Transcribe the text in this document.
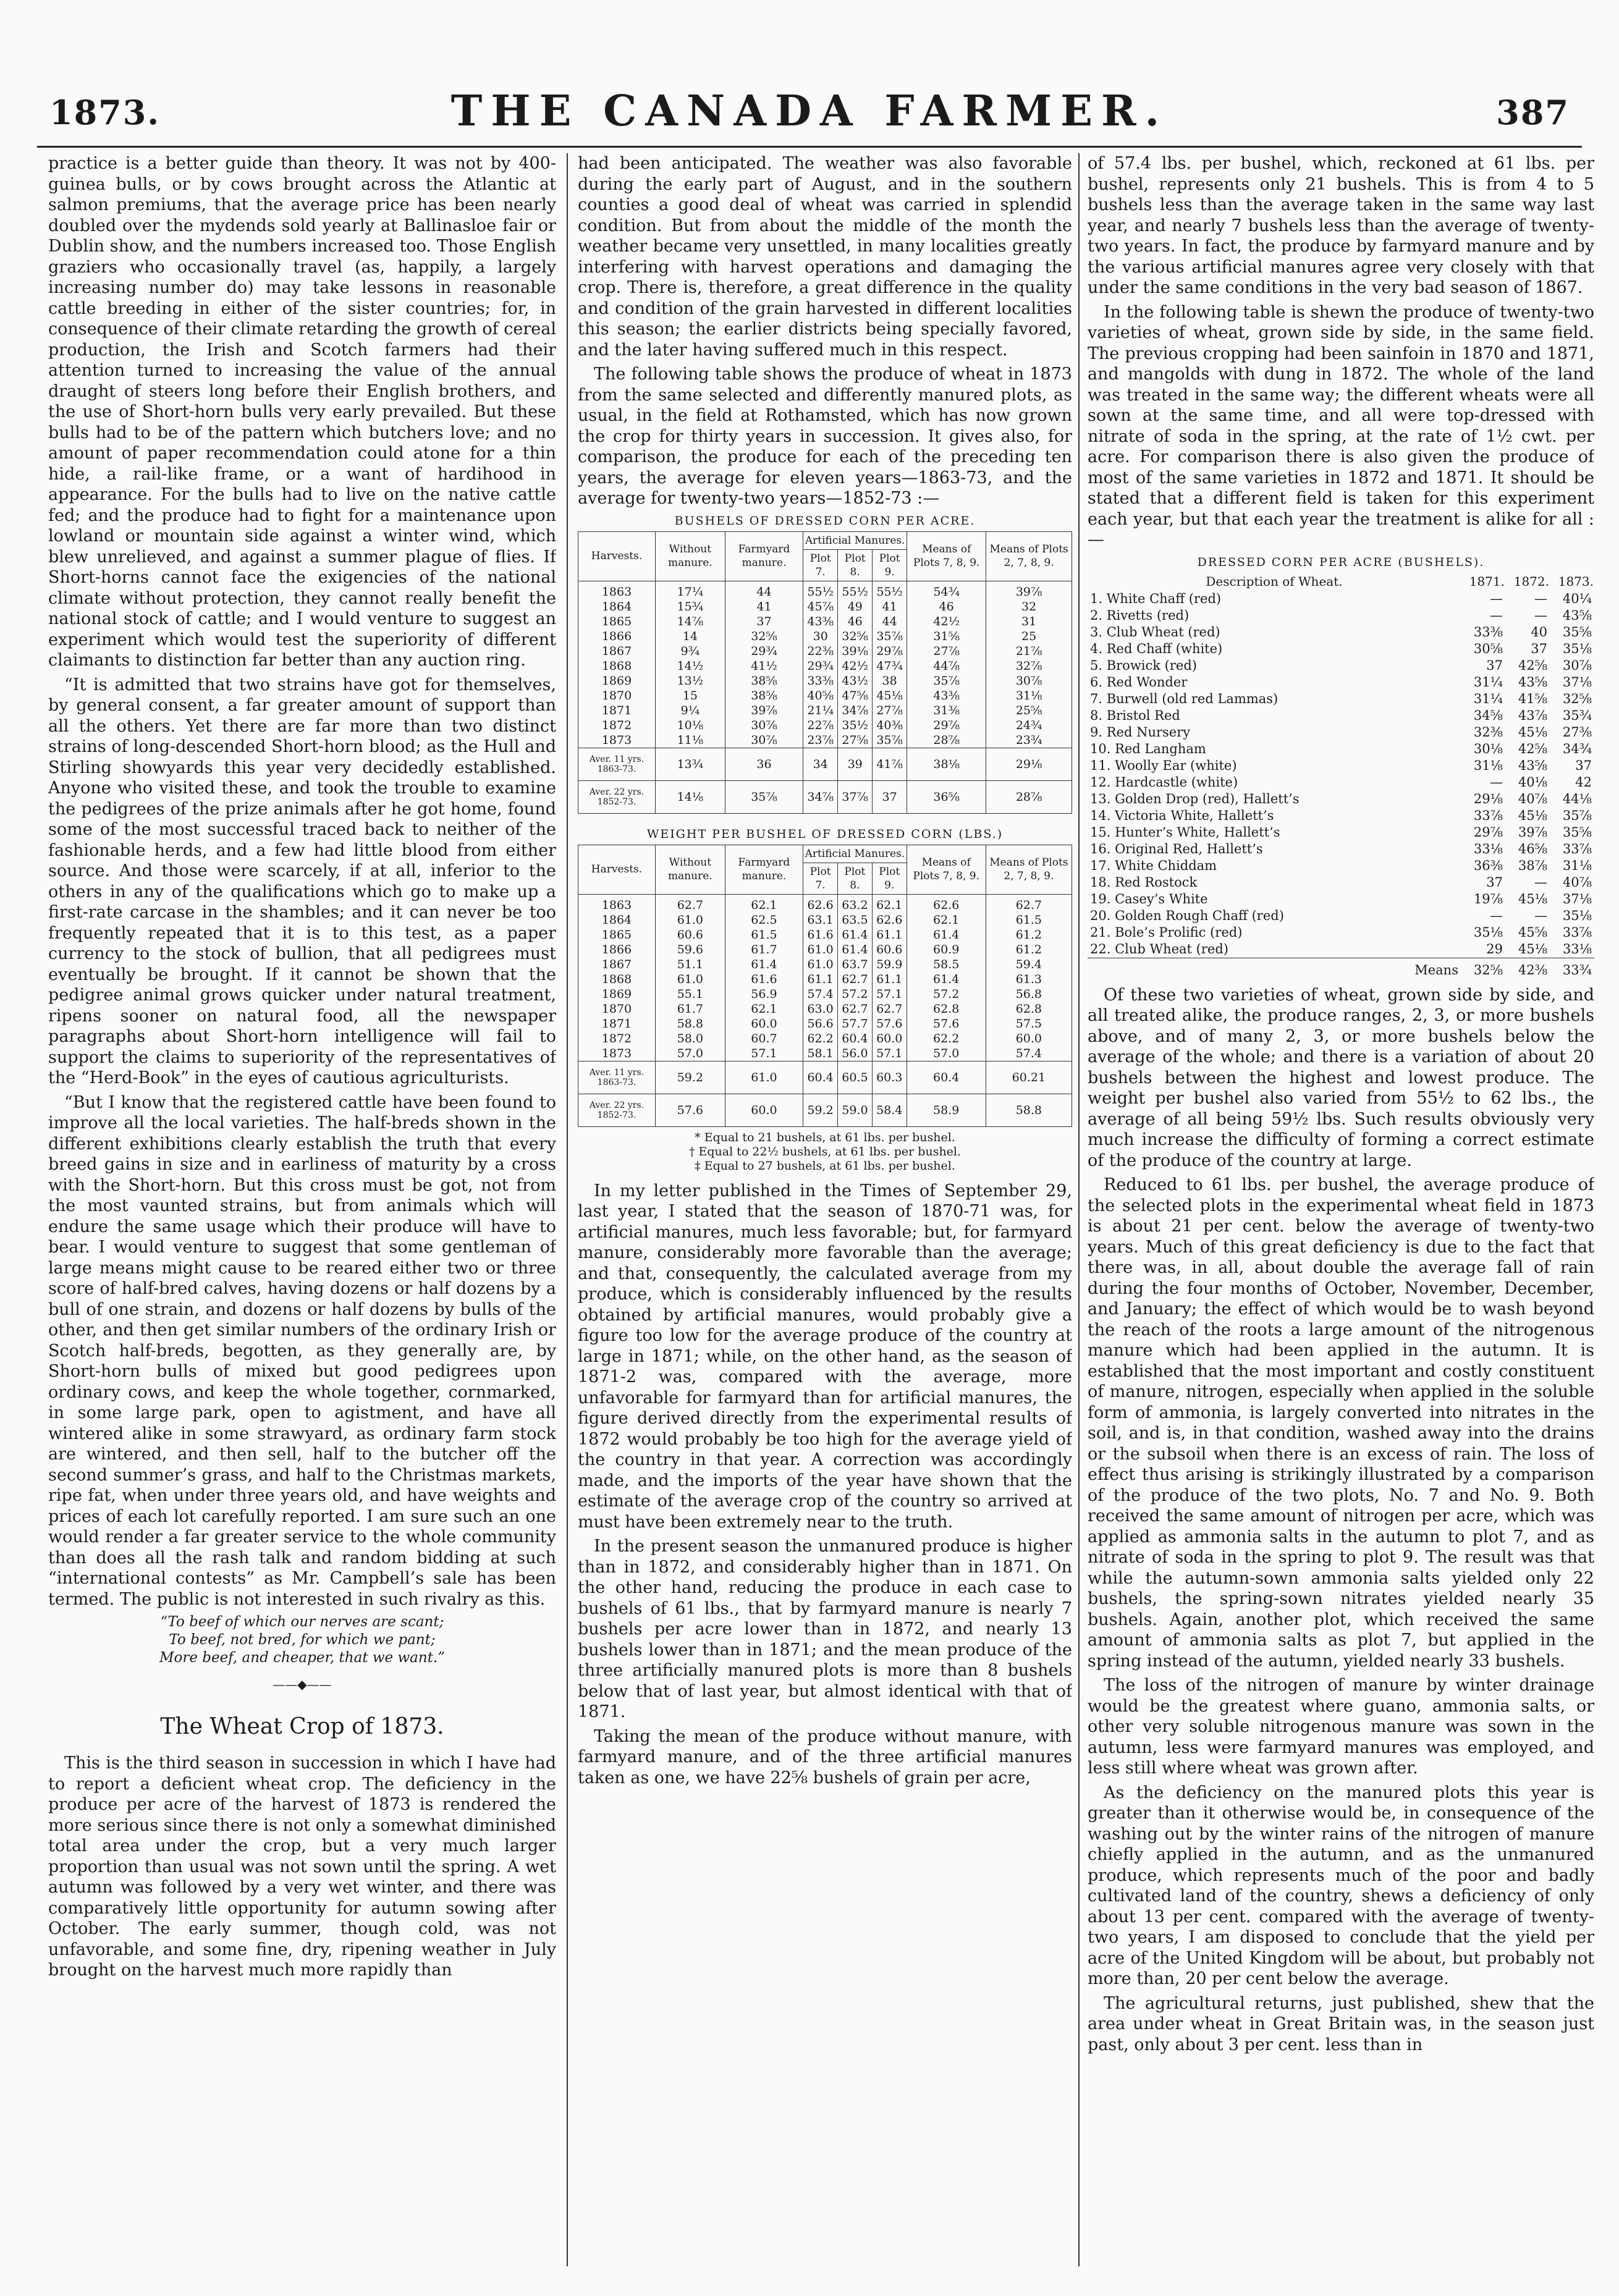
1873.	THE CANADA FARMER.	387

practice is a better guide than theory. It was not by 400-guinea bulls, or by cows brought across the Atlantic at salmon premiums, that the average price has been nearly doubled over the mydends sold yearly at Ballinasloe fair or Dublin show, and the numbers increased too. Those English graziers who occasionally travel (as, happily, a largely increasing number do) may take lessons in reasonable cattle breeding in either of the sister countries; for, in consequence of their climate retarding the growth of cereal production, the Irish and Scotch farmers had their attention turned to increasing the value of the annual draught of steers long before their English brothers, and the use of Short-horn bulls very early prevailed. But these bulls had to be of the pattern which butchers love; and no amount of paper recommendation could atone for a thin hide, a rail-like frame, or a want of hardihood in appearance. For the bulls had to live on the native cattle fed; and the produce had to fight for a maintenance upon lowland or mountain side against a winter wind, which blew unrelieved, and against a summer plague of flies. If Short-horns cannot face the exigencies of the national climate without protection, they cannot really benefit the national stock of cattle; and I would venture to suggest an experiment which would test the superiority of different claimants to distinction far better than any auction ring.

“It is admitted that two strains have got for themselves, by general consent, a far greater amount of support than all the others. Yet there are far more than two distinct strains of long-descended Short-horn blood; as the Hull and Stirling showyards this year very decidedly established. Anyone who visited these, and took the trouble to examine the pedigrees of the prize animals after he got home, found some of the most successful traced back to neither of the fashionable herds, and a few had little blood from either source. And those were scarcely, if at all, inferior to the others in any of the qualifications which go to make up a first-rate carcase in the shambles; and it can never be too frequently repeated that it is to this test, as a paper currency to the stock of bullion, that all pedigrees must eventually be brought. If it cannot be shown that the pedigree animal grows quicker under natural treatment, ripens sooner on natural food, all the newspaper paragraphs about Short-horn intelligence will fail to support the claims to superiority of the representatives of the “Herd-Book” in the eyes of cautious agriculturists.

“But I know that the registered cattle have been found to improve all the local varieties. The half-breds shown in the different exhibitions clearly establish the truth that every breed gains in size and in earliness of maturity by a cross with the Short-horn. But this cross must be got, not from the most vaunted strains, but from animals which will endure the same usage which their produce will have to bear. I would venture to suggest that some gentleman of large means might cause to be reared either two or three score of half-bred calves, having dozens or half dozens by a bull of one strain, and dozens or half dozens by bulls of the other, and then get similar numbers of the ordinary Irish or Scotch half-breds, begotten, as they generally are, by Short-horn bulls of mixed but good pedigrees upon ordinary cows, and keep the whole together, cornmarked, in some large park, open to agistment, and have all wintered alike in some strawyard, as ordinary farm stock are wintered, and then sell, half to the butcher off the second summer’s grass, and half to the Christmas markets, ripe fat, when under three years old, and have weights and prices of each lot carefully reported. I am sure such an one would render a far greater service to the whole community than does all the rash talk and random bidding at such “international contests” as Mr. Campbell’s sale has been termed. The public is not interested in such rivalry as this.

“To beef of which our nerves are scant;
To beef, not bred, for which we pant;
More beef, and cheaper, that we want.”
——◆——
The Wheat Crop of 1873.

This is the third season in succession in which I have had to report a deficient wheat crop. The deficiency in the produce per acre of the harvest of 1873 is rendered the more serious since there is not only a somewhat diminished total area under the crop, but a very much larger proportion than usual was not sown until the spring. A wet autumn was followed by a very wet winter, and there was comparatively little opportunity for autumn sowing after October. The early summer, though cold, was not unfavorable, and some fine, dry, ripening weather in July brought on the harvest much more rapidly than

had been anticipated. The weather was also favorable during the early part of August, and in the southern counties a good deal of wheat was carried in splendid condition. But from about the middle of the month the weather became very unsettled, in many localities greatly interfering with harvest operations and damaging the crop. There is, therefore, a great difference in the quality and condition of the grain harvested in different localities this season; the earlier districts being specially favored, and the later having suffered much in this respect.

The following table shows the produce of wheat in 1873 from the same selected and differently manured plots, as usual, in the field at Rothamsted, which has now grown the crop for thirty years in succession. It gives also, for comparison, the produce for each of the preceding ten years, the average for eleven years—1863-73, and the average for twenty-two years—1852-73 :—

BUSHELS OF DRESSED CORN PER ACRE.
Harvests.	Without manure.	Farmyard manure.	Artificial Manures.			Means of Plots 7, 8, 9.	Means of Plots 2, 7, 8, 9.
			Plot 7.	Plot 8.	Plot 9.		
1863	17¼	44	55½	55½	55½	54¾	39⅞
1864	15¾	41	45⅞	49	41	46	32
1865	14⅞	37	43⅜	46	44	42½	31
1866	14	32⅝	30	32⅝	35⅞	31⅝	25
1867	9¾	29¾	22⅜	39⅛	29⅞	27⅞	21⅞
1868	14½	41½	29¾	42½	47¾	44⅞	32⅞
1869	13½	38⅝	33⅜	43½	38	35⅞	30⅞
1870	15	38⅝	40⅝	47⅝	45⅛	43⅜	31⅛
1871	9¼	39⅞	21¼	34⅞	27⅞	31⅜	25⅝
1872	10⅛	30⅞	22⅞	35½	40⅜	29⅞	24¾
1873	11⅛	30⅞	23⅞	27⅝	35⅞	28⅞	23¾
Aver. 11 yrs. 1863-73.	13¾	36	34	39	41⅞	38⅛	29⅛
Aver. 22 yrs. 1852-73.	14⅛	35⅞	34⅞	37⅞	37	36⅝	28⅞
WEIGHT PER BUSHEL OF DRESSED CORN (LBS.)
Harvests.	Without manure.	Farmyard manure.	Artificial Manures.			Means of Plots 7, 8, 9.	Means of Plots 2, 7, 8, 9.
			Plot 7.	Plot 8.	Plot 9.		
1863	62.7	62.1	62.6	63.2	62.1	62.6	62.7
1864	61.0	62.5	63.1	63.5	62.6	62.1	61.5
1865	60.6	61.5	61.6	61.4	61.1	61.4	61.2
1866	59.6	61.7	61.0	61.4	60.6	60.9	61.2
1867	51.1	61.4	61.0	63.7	59.9	58.5	59.4
1868	61.0	61.6	61.1	62.7	61.1	61.4	61.3
1869	55.1	56.9	57.4	57.2	57.1	57.2	56.8
1870	61.7	62.1	63.0	62.7	62.7	62.8	62.8
1871	58.8	60.0	56.6	57.7	57.6	57.6	57.5
1872	58.0	60.7	62.2	60.4	60.0	62.2	60.0
1873	57.0	57.1	58.1	56.0	57.1	57.0	57.4
Aver. 11 yrs. 1863-73.	59.2	61.0	60.4	60.5	60.3	60.4	60.21
Aver. 22 yrs. 1852-73.	57.6	60.0	59.2	59.0	58.4	58.9	58.8
* Equal to 21 bushels, at 61 lbs. per bushel.
† Equal to 22½ bushels, at 61 lbs. per bushel.
‡ Equal to 27 bushels, at 61 lbs. per bushel.

In my letter published in the Times of September 29, last year, I stated that the season of 1870-71 was, for artificial manures, much less favorable; but, for farmyard manure, considerably more favorable than the average; and that, consequently, the calculated average from my produce, which is considerably influenced by the results obtained by artificial manures, would probably give a figure too low for the average produce of the country at large in 1871; while, on the other hand, as the season of 1871-2 was, compared with the average, more unfavorable for farmyard than for artificial manures, the figure derived directly from the experimental results of 1872 would probably be too high for the average yield of the country in that year. A correction was accordingly made, and the imports of the year have shown that the estimate of the average crop of the country so arrived at must have been extremely near to the truth.

In the present season the unmanured produce is higher than in 1872, and considerably higher than in 1871. On the other hand, reducing the produce in each case to bushels of 61 lbs., that by farmyard manure is nearly 7 bushels per acre lower than in 1872, and nearly 13 bushels lower than in 1871; and the mean produce of the three artificially manured plots is more than 8 bushels below that of last year, but almost identical with that of 1871.

Taking the mean of the produce without manure, with farmyard manure, and of the three artificial manures taken as one, we have 22⅝ bushels of grain per acre,

of 57.4 lbs. per bushel, which, reckoned at 61 lbs. per bushel, represents only 21 bushels. This is from 4 to 5 bushels less than the average taken in the same way last year, and nearly 7 bushels less than the average of twenty-two years. In fact, the produce by farmyard manure and by the various artificial manures agree very closely with that under the same conditions in the very bad season of 1867.

In the following table is shewn the produce of twenty-two varieties of wheat, grown side by side, in the same field. The previous cropping had been sainfoin in 1870 and 1871, and mangolds with dung in 1872. The whole of the land was treated in the same way; the different wheats were all sown at the same time, and all were top-dressed with nitrate of soda in the spring, at the rate of 1½ cwt. per acre. For comparison there is also given the produce of most of the same varieties in 1872 and 1871. It should be stated that a different field is taken for this experiment each year, but that each year the treatment is alike for all :—

DRESSED CORN PER ACRE (BUSHELS).
Description of Wheat.	1871.	1872.	1873.
1. White Chaff (red)	—	—	40¼
2. Rivetts (red)	—	—	43⅝
3. Club Wheat (red)	33⅜	40	35⅝
4. Red Chaff (white)	30⅝	37	35⅛
5. Browick (red)	37	42⅝	30⅞
6. Red Wonder	31¼	43⅝	37⅛
7. Burwell (old red Lammas)	31¼	41⅝	32⅝
8. Bristol Red	34⅝	43⅞	35¾
9. Red Nursery	32⅜	45⅛	27⅜
10. Red Langham	30⅛	42⅝	34¾
11. Woolly Ear (white)	31⅛	43⅝	37
12. Hardcastle (white)	—	40⅛	42
13. Golden Drop (red), Hallett’s	29⅛	40⅞	44⅛
14. Victoria White, Hallett’s	33⅞	45⅛	35⅞
15. Hunter’s White, Hallett’s	29⅞	39⅞	35⅝
16. Original Red, Hallett’s	33⅛	46⅝	33⅞
17. White Chiddam	36⅜	38⅞	31⅛
18. Red Rostock	37	—	40⅞
19. Casey’s White	19⅞	45⅛	37⅛
20. Golden Rough Chaff (red)	—	—	35⅛
21. Bole’s Prolific (red)	35⅛	45⅝	33⅞
22. Club Wheat (red)	29	45⅛	33⅛
Means	32⅝	42⅜	33¾

Of these two varieties of wheat, grown side by side, and all treated alike, the produce ranges, 2, 3, or more bushels above, and of many 2, 3, or more bushels below the average of the whole; and there is a variation of about 20 bushels between the highest and lowest produce. The weight per bushel also varied from 55½ to 62 lbs., the average of all being 59½ lbs. Such results obviously very much increase the difficulty of forming a correct estimate of the produce of the country at large.

Reduced to 61 lbs. per bushel, the average produce of the selected plots in the experimental wheat field in 1873 is about 21 per cent. below the average of twenty-two years. Much of this great deficiency is due to the fact that there was, in all, about double the average fall of rain during the four months of October, November, December, and January; the effect of which would be to wash beyond the reach of the roots a large amount of the nitrogenous manure which had been applied in the autumn. It is established that the most important and costly constituent of manure, nitrogen, especially when applied in the soluble form of ammonia, is largely converted into nitrates in the soil, and is, in that condition, washed away into the drains or the subsoil when there is an excess of rain. The loss of effect thus arising is strikingly illustrated by a comparison of the produce of the two plots, No. 7 and No. 9. Both received the same amount of nitrogen per acre, which was applied as ammonia salts in the autumn to plot 7, and as nitrate of soda in the spring to plot 9. The result was that while the autumn-sown ammonia salts yielded only 22 bushels, the spring-sown nitrates yielded nearly 35 bushels. Again, another plot, which received the same amount of ammonia salts as plot 7, but applied in the spring instead of the autumn, yielded nearly 33 bushels.

The loss of the nitrogen of manure by winter drainage would be the greatest where guano, ammonia salts, or other very soluble nitrogenous manure was sown in the autumn, less were farmyard manures was employed, and less still where wheat was grown after.

As the deficiency on the manured plots this year is greater than it otherwise would be, in consequence of the washing out by the winter rains of the nitrogen of manure chiefly applied in the autumn, and as the unmanured produce, which represents much of the poor and badly cultivated land of the country, shews a deficiency of only about 13 per cent. compared with the average of twenty-two years, I am disposed to conclude that the yield per acre of the United Kingdom will be about, but probably not more than, 20 per cent below the average.

The agricultural returns, just published, shew that the area under wheat in Great Britain was, in the season just past, only about 3 per cent. less than in
